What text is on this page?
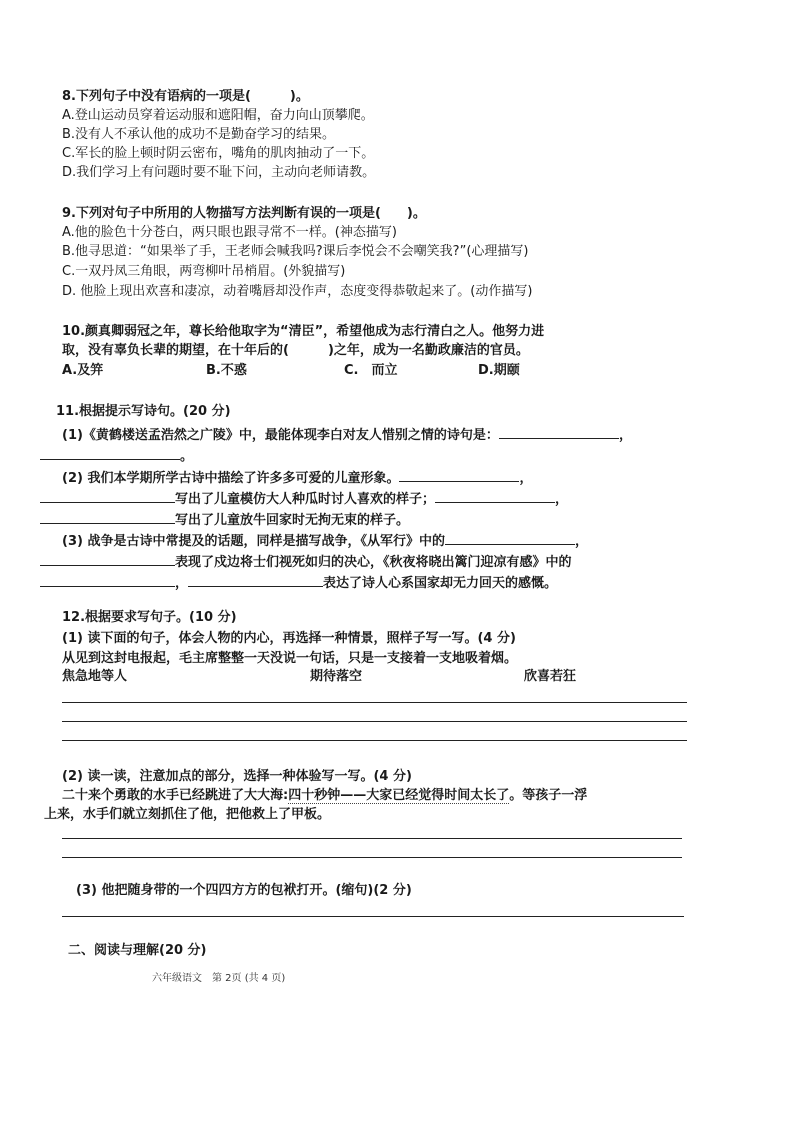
8.下列句子中没有语病的一项是(　　　)。
A.登山运动员穿着运动服和遮阳帽，奋力向山顶攀爬。
B.没有人不承认他的成功不是勤奋学习的结果。
C.军长的脸上顿时阴云密布，嘴角的肌肉抽动了一下。
D.我们学习上有问题时要不耻下问，主动向老师请教。
9.下列对句子中所用的人物描写方法判断有误的一项是(　　)。
A.他的脸色十分苍白，两只眼也跟寻常不一样。(神态描写)
B.他寻思道：“如果举了手，王老师会喊我吗?课后李悦会不会嘲笑我?”(心理描写)
C.一双丹凤三角眼，两弯柳叶吊梢眉。(外貌描写)
D. 他脸上现出欢喜和凄凉，动着嘴唇却没作声，态度变得恭敬起来了。(动作描写)
10.颜真卿弱冠之年，尊长给他取字为“清臣”，希望他成为志行清白之人。他努力进
取，没有辜负长辈的期望，在十年后的(　　　)之年，成为一名勤政廉洁的官员。
A.及笄	B.不惑	C.　而立	D.期颐
11.根据提示写诗句。(20 分)
(1)《黄鹤楼送孟浩然之广陵》中，最能体现李白对友人惜别之情的诗句是：	，
。
(2) 我们本学期所学古诗中描绘了许多多可爱的儿童形象。	，
写出了儿童模仿大人种瓜时讨人喜欢的样子；	，
写出了儿童放牛回家时无拘无束的样子。
(3) 战争是古诗中常提及的话题，同样是描写战争，《从军行》中的	，
表现了戍边将士们视死如归的决心，《秋夜将晓出篱门迎凉有感》中的
，	表达了诗人心系国家却无力回天的感慨。
12.根据要求写句子。(10 分)
(1) 读下面的句子，体会人物的内心，再选择一种情景，照样子写一写。(4 分)
从见到这封电报起，毛主席整整一天没说一句话，只是一支接着一支地吸着烟。
焦急地等人	期待落空	欣喜若狂
(2) 读一读，注意加点的部分，选择一种体验写一写。(4 分)
二十来个勇敢的水手已经跳进了大大海:四十秒钟——大家已经觉得时间太长了。等孩子一浮
上来，水手们就立刻抓住了他，把他救上了甲板。
(3) 他把随身带的一个四四方方的包袱打开。(缩句)(2 分)
二、阅读与理解(20 分)
六年级语文　第 2页 (共 4 页)
